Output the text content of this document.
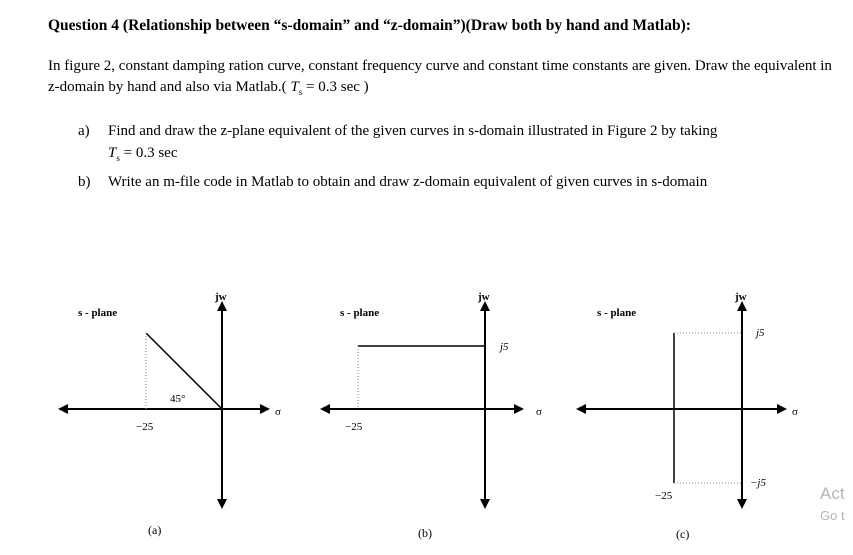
Question 4 (Relationship between “s-domain” and “z-domain”)(Draw both by hand and Matlab):
In figure 2, constant damping ration curve, constant frequency curve and constant time constants are given. Draw the equivalent in z-domain by hand and also via Matlab.( $T_s = 0.3$ sec )
a) Find and draw the z-plane equivalent of the given curves in s-domain illustrated in Figure 2 by taking
$T_s = 0.3$ sec
b) Write an m-file code in Matlab to obtain and draw z-domain equivalent of given curves in s-domain
s - plane
jw
σ
45°
−25
(a)
s - plane
jw
σ
j5
−25
(b)
s - plane
jw
σ
j5
−j5
−25
(c)
Act
Go t
